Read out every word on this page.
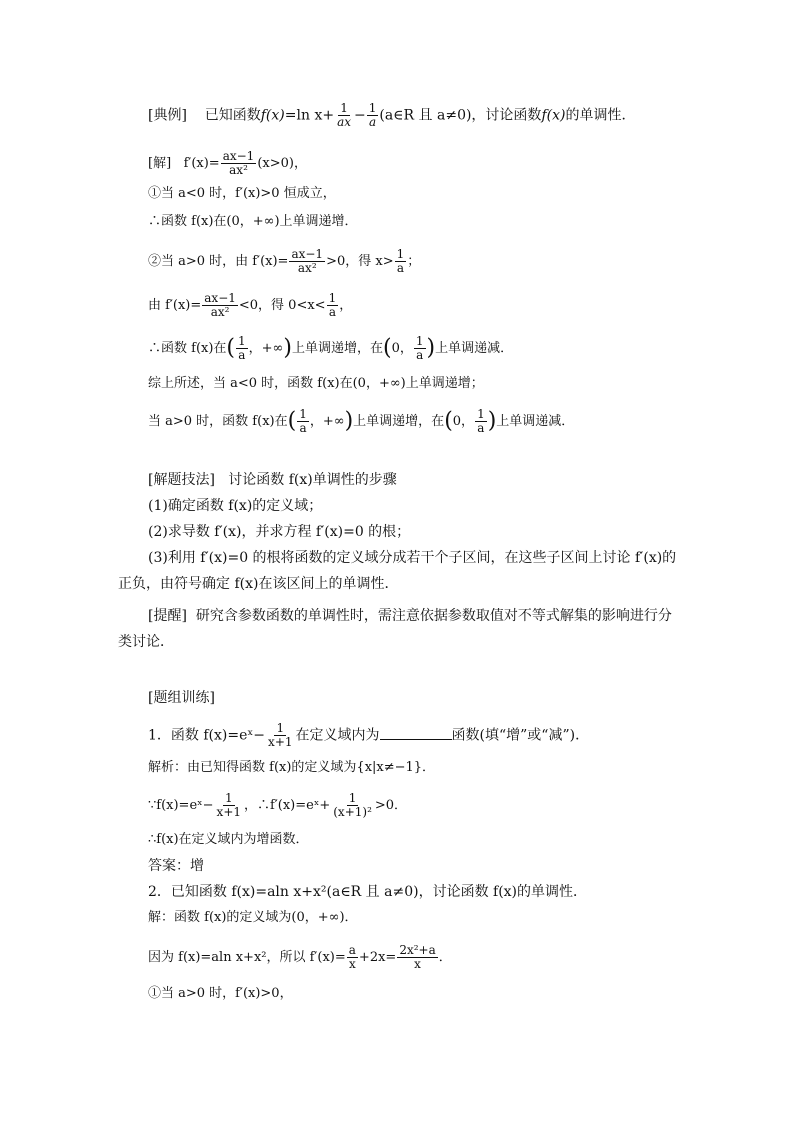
[典例] 已知函数f(x)=ln $x+ \frac{1}{ax} - \frac{1}{a}$ (a∈R 且 a≠0)，讨论函数f(x)的单调性．
[解] $f'(x)= \frac{ax-1}{\text{ax²}} (x>0)$，
①当 a<0 时，f′(x)>0 恒成立，
∴函数 f(x)在(0，+∞)上单调递增．
②当 a>0 时，由 $f'(x)= \frac{ax-1}{\text{ax²}} >0$，得 $x> \frac{1}{a}$ ；
由 $f'(x)= \frac{ax-1}{\text{ax²}} <0$，得 $0<x< \frac{1}{a}$ ，
∴函数 f(x)在( $\frac{1}{a}$ ，+∞)上单调递增，在(0， $\frac{1}{a}$ )上单调递减．
综上所述，当 a<0 时，函数 f(x)在(0，+∞)上单调递增；
当 a>0 时，函数 f(x)在( $\frac{1}{a}$ ，+∞)上单调递增，在(0， $\frac{1}{a}$ )上单调递减．
[解题技法] 讨论函数 f(x)单调性的步骤
(1)确定函数 f(x)的定义域；
(2)求导数 f′(x)，并求方程 f′(x)=0 的根；
(3)利用 f′(x)=0 的根将函数的定义域分成若干个子区间，在这些子区间上讨论 f′(x)的正负，由符号确定 f(x)在该区间上的单调性．
[提醒] 研究含参数函数的单调性时，需注意依据参数取值对不等式解集的影响进行分类讨论．
[题组训练]
1．函数 f(x)=eˣ− $\frac{1}{x+1}$ 在定义域内为	函数(填“增”或“减”)．
解析：由已知得函数 f(x)的定义域为{x|x≠−1}．
∵f(x)=eˣ− $\frac{1}{x+1}$ ，∴f′(x)=eˣ+ $\frac{1}{\text{(x+1)²}} >0$．
∴f(x)在定义域内为增函数．
答案：增
2．已知函数 f(x)=aln x+x²(a∈R 且 a≠0)，讨论函数 f(x)的单调性．
解：函数 f(x)的定义域为(0，+∞)．
因为 f(x)=aln x+x²，所以 $f'(x)= \frac{a}{x} +2x= \frac{\text{2x²+a}}{x}$ ．
①当 a>0 时，f′(x)>0，
